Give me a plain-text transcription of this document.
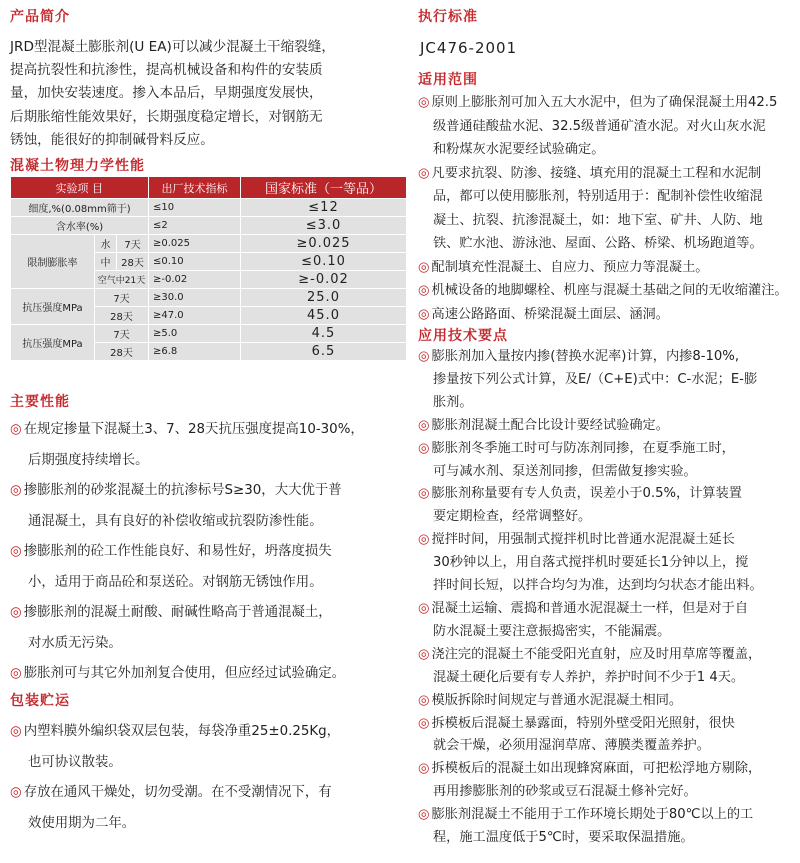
产品简介
JRD型混凝土膨胀剂(U EA)可以减少混凝土干缩裂缝，
提高抗裂性和抗渗性，提高机械设备和构件的安装质
量，加快安装速度。掺入本品后，早期强度发展快，
后期胀缩性能效果好，长期强度稳定增长，对钢筋无
锈蚀，能很好的抑制碱骨料反应。
混凝土物理力学性能
实验项 目			出厂技术指标	国家标准（一等品）
细度,%(0.08mm筛于)			≤10	≤12
含水率(%)			≤2	≤3.0
限制膨胀率	水	7天	≥0.025	≥0.025
	中	28天	≤0.10	≤0.10
	空气中21天		≥-0.02	≥-0.02
抗压强度MPa	7天		≥30.0	25.0
	28天		≥47.0	45.0
抗压强度MPa	7天		≥5.0	4.5
	28天		≥6.8	6.5
主要性能
◎ 在规定掺量下混凝土3、7、28天抗压强度提高10-30%，
后期强度持续增长。
◎ 掺膨胀剂的砂浆混凝土的抗渗标号S≥30，大大优于普
通混凝土，具有良好的补偿收缩或抗裂防渗性能。
◎ 掺膨胀剂的砼工作性能良好、和易性好，坍落度损失
小，适用于商品砼和泵送砼。对钢筋无锈蚀作用。
◎ 掺膨胀剂的混凝土耐酸、耐碱性略高于普通混凝土，
对水质无污染。
◎ 膨胀剂可与其它外加剂复合使用，但应经过试验确定。
包装贮运
◎ 内塑料膜外编织袋双层包装，每袋净重25±0.25Kg，
也可协议散装。
◎ 存放在通风干燥处，切勿受潮。在不受潮情况下，有
效使用期为二年。
执行标准
JC476-2001
适用范围
◎ 原则上膨胀剂可加入五大水泥中，但为了确保混凝土用42.5
级普通硅酸盐水泥、32.5级普通矿渣水泥。对火山灰水泥
和粉煤灰水泥要经试验确定。
◎ 凡要求抗裂、防渗、接缝、填充用的混凝土工程和水泥制
品，都可以使用膨胀剂，特别适用于：配制补偿性收缩混
凝土、抗裂、抗渗混凝土，如：地下室、矿井、人防、地
铁、贮水池、游泳池、屋面、公路、桥梁、机场跑道等。
◎ 配制填充性混凝土、自应力、预应力等混凝土。
◎ 机械设备的地脚螺栓、机座与混凝土基础之间的无收缩灌注。
◎ 高速公路路面、桥梁混凝土面层、涵洞。
应用技术要点
◎ 膨胀剂加入量按内掺(替换水泥率)计算，内掺8-10%,
掺量按下列公式计算，及E/（C+E)式中：C-水泥；E-膨
胀剂。
◎ 膨胀剂混凝土配合比设计要经试验确定。
◎ 膨胀剂冬季施工时可与防冻剂同掺，在夏季施工时，
可与减水剂、泵送剂同掺，但需做复掺实验。
◎ 膨胀剂称量要有专人负责，误差小于0.5%，计算装置
要定期检查，经常调整好。
◎ 搅拌时间，用强制式搅拌机时比普通水泥混凝土延长
30秒钟以上，用自落式搅拌机时要延长1分钟以上，搅
拌时间长短，以拌合均匀为准，达到均匀状态才能出料。
◎ 混凝土运输、震捣和普通水泥混凝土一样，但是对于自
防水混凝土要注意振捣密实，不能漏震。
◎ 浇注完的混凝土不能受阳光直射，应及时用草席等覆盖，
混凝土硬化后要有专人养护，养护时间不少于1 4天。
◎ 模版拆除时间规定与普通水泥混凝土相同。
◎ 拆模板后混凝土暴露面，特别外壁受阳光照射，很快
就会干燥，必须用湿润草席、薄膜类覆盖养护。
◎ 拆模板后的混凝土如出现蜂窝麻面，可把松浮地方剔除，
再用掺膨胀剂的砂浆或豆石混凝土修补完好。
◎ 膨胀剂混凝土不能用于工作环境长期处于80℃以上的工
程，施工温度低于5℃时，要采取保温措施。
